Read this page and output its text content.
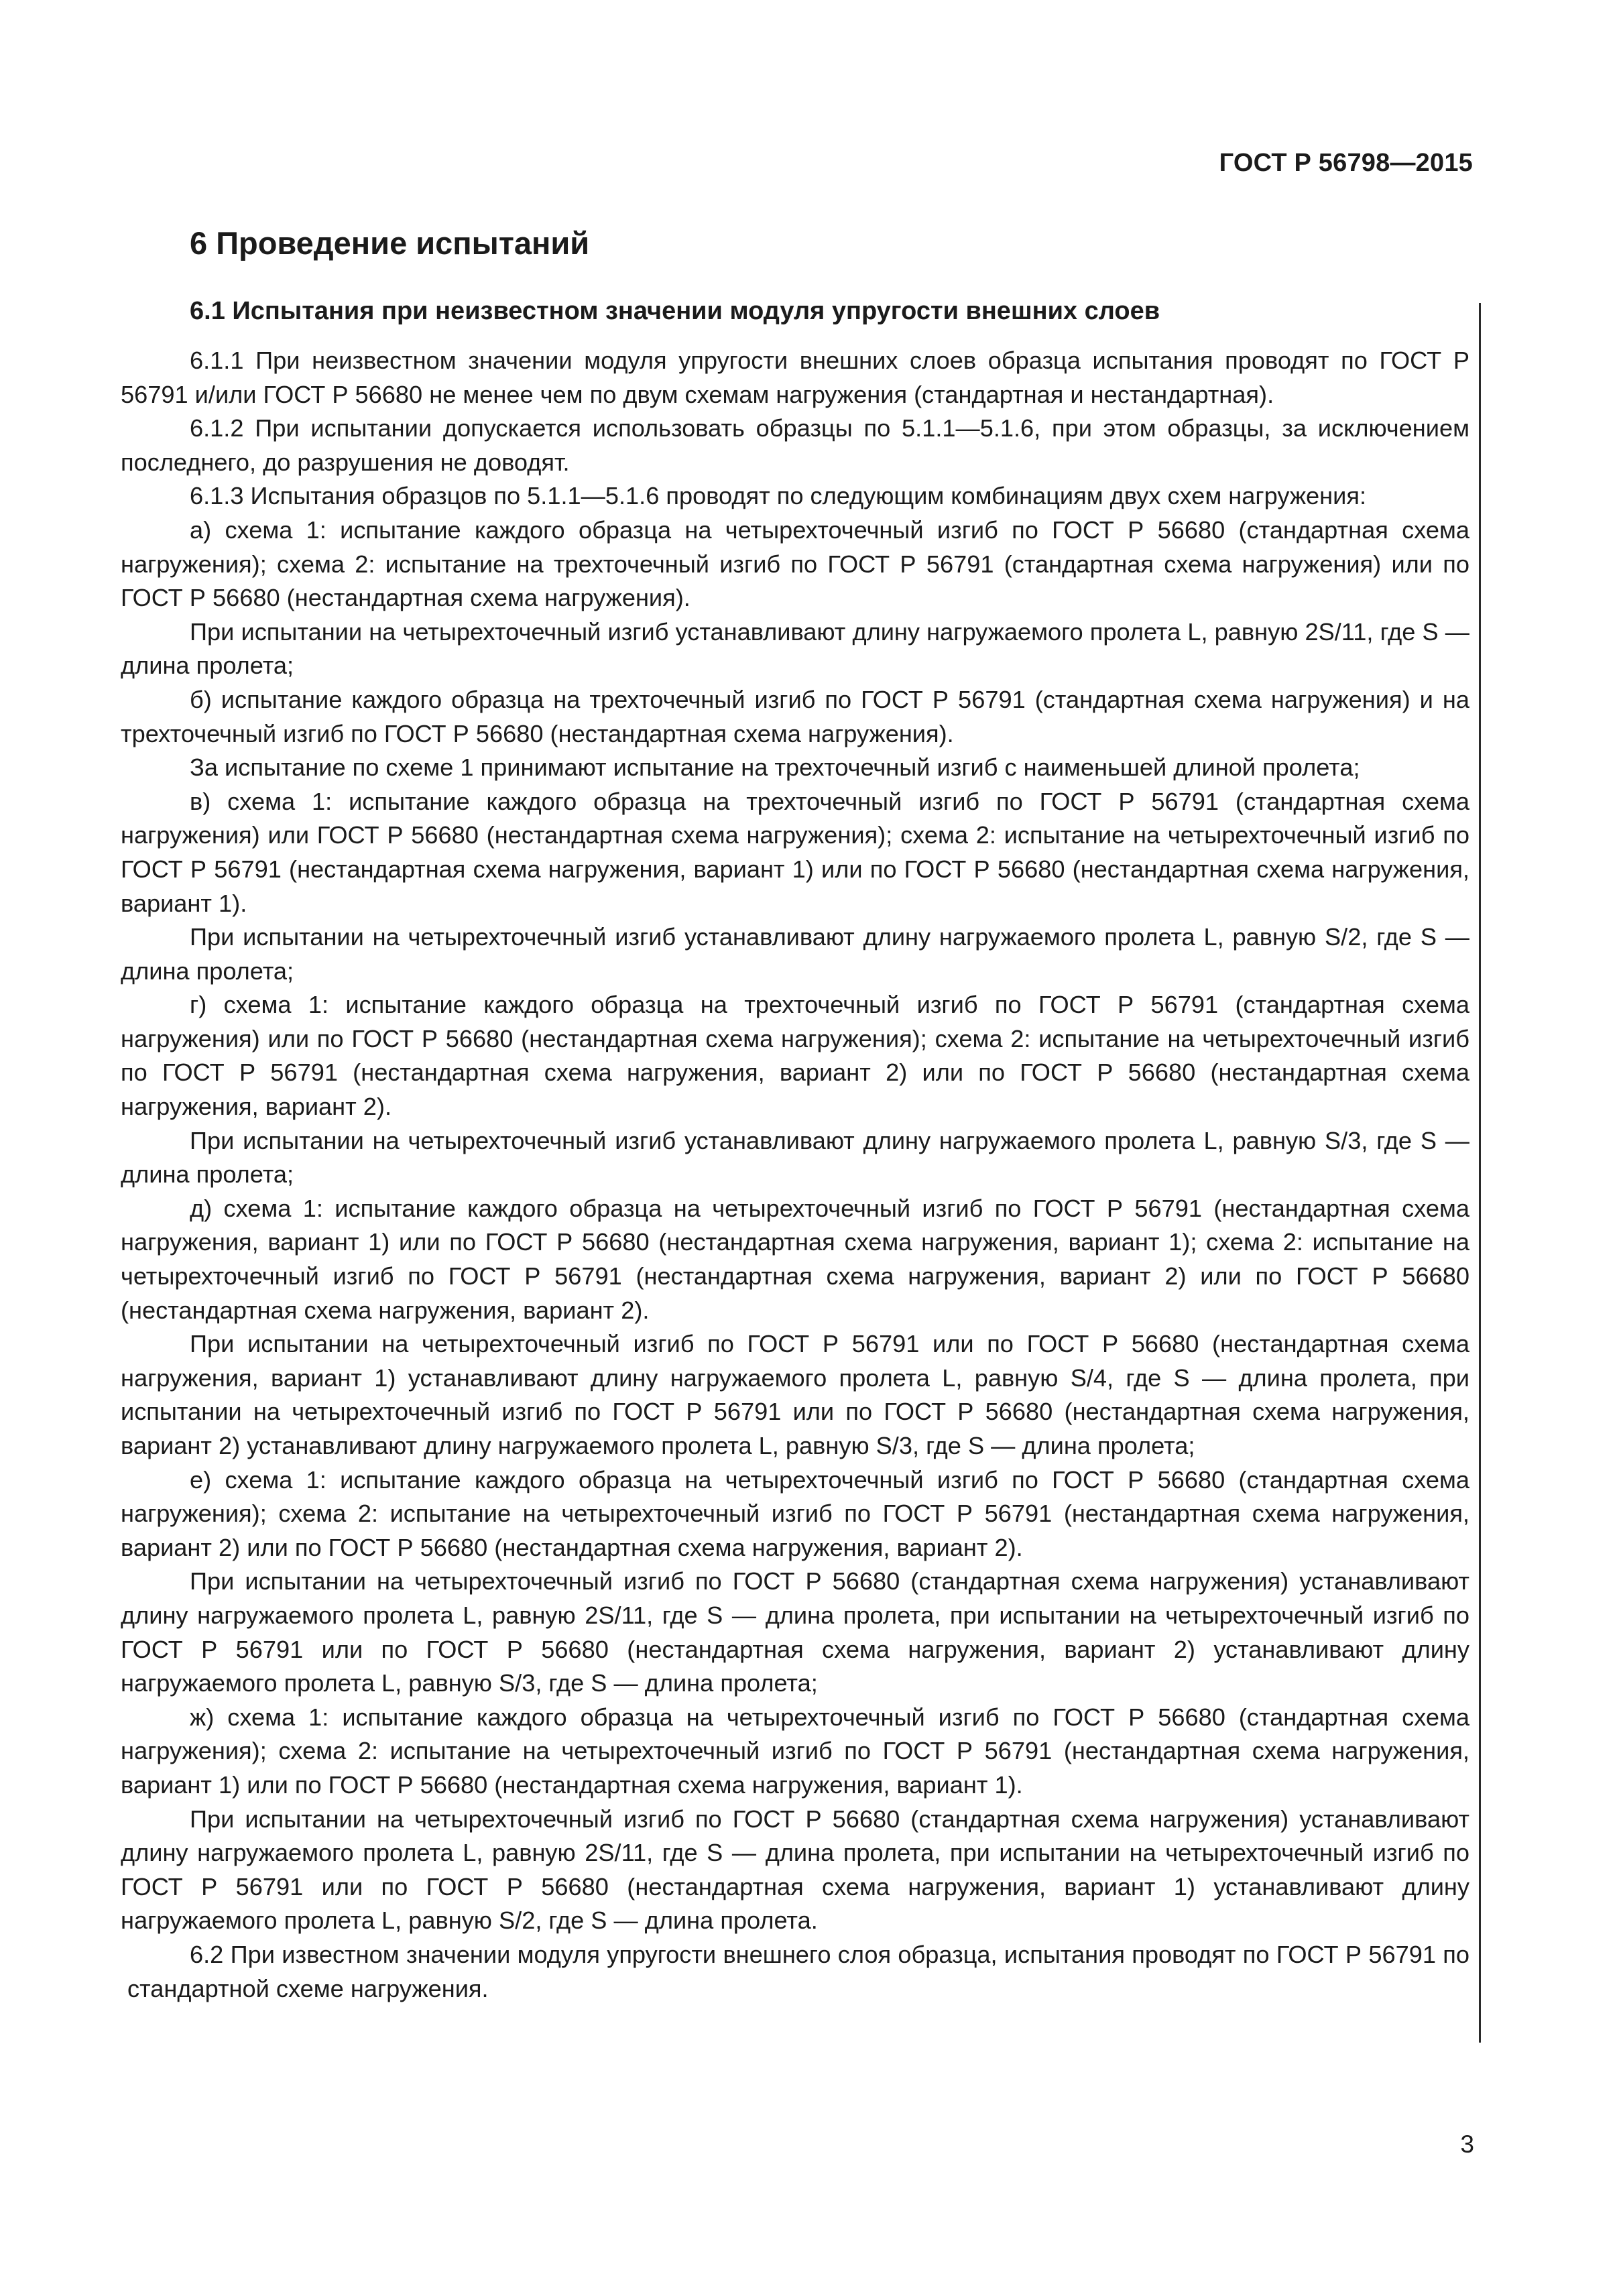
ГОСТ Р 56798—2015
6 Проведение испытаний
6.1 Испытания при неизвестном значении модуля упругости внешних слоев

6.1.1 При неизвестном значении модуля упругости внешних слоев образца испытания проводят по ГОСТ Р 56791 и/или ГОСТ Р 56680 не менее чем по двум схемам нагружения (стандартная и нестандартная).

6.1.2 При испытании допускается использовать образцы по 5.1.1—5.1.6, при этом образцы, за исключением последнего, до разрушения не доводят.

6.1.3 Испытания образцов по 5.1.1—5.1.6 проводят по следующим комбинациям двух схем нагружения:

а) схема 1: испытание каждого образца на четырехточечный изгиб по ГОСТ Р 56680 (стандартная схема нагружения); схема 2: испытание на трехточечный изгиб по ГОСТ Р 56791 (стандартная схема нагружения) или по ГОСТ Р 56680 (нестандартная схема нагружения).

При испытании на четырехточечный изгиб устанавливают длину нагружаемого пролета L, равную 2S/11, где S — длина пролета;

б) испытание каждого образца на трехточечный изгиб по ГОСТ Р 56791 (стандартная схема нагружения) и на трехточечный изгиб по ГОСТ Р 56680 (нестандартная схема нагружения).

За испытание по схеме 1 принимают испытание на трехточечный изгиб с наименьшей длиной пролета;

в) схема 1: испытание каждого образца на трехточечный изгиб по ГОСТ Р 56791 (стандартная схема нагружения) или ГОСТ Р 56680 (нестандартная схема нагружения); схема 2: испытание на четырехточечный изгиб по ГОСТ Р 56791 (нестандартная схема нагружения, вариант 1) или по ГОСТ Р 56680 (нестандартная схема нагружения, вариант 1).

При испытании на четырехточечный изгиб устанавливают длину нагружаемого пролета L, равную S/2, где S — длина пролета;

г) схема 1: испытание каждого образца на трехточечный изгиб по ГОСТ Р 56791 (стандартная схема нагружения) или по ГОСТ Р 56680 (нестандартная схема нагружения); схема 2: испытание на четырехточечный изгиб по ГОСТ Р 56791 (нестандартная схема нагружения, вариант 2) или по ГОСТ Р 56680 (нестандартная схема нагружения, вариант 2).

При испытании на четырехточечный изгиб устанавливают длину нагружаемого пролета L, равную S/3, где S — длина пролета;

д) схема 1: испытание каждого образца на четырехточечный изгиб по ГОСТ Р 56791 (нестандартная схема нагружения, вариант 1) или по ГОСТ Р 56680 (нестандартная схема нагружения, вариант 1); схема 2: испытание на четырехточечный изгиб по ГОСТ Р 56791 (нестандартная схема нагружения, вариант 2) или по ГОСТ Р 56680 (нестандартная схема нагружения, вариант 2).

При испытании на четырехточечный изгиб по ГОСТ Р 56791 или по ГОСТ Р 56680 (нестандартная схема нагружения, вариант 1) устанавливают длину нагружаемого пролета L, равную S/4, где S — длина пролета, при испытании на четырехточечный изгиб по ГОСТ Р 56791 или по ГОСТ Р 56680 (нестандартная схема нагружения, вариант 2) устанавливают длину нагружаемого пролета L, равную S/3, где S — длина пролета;

е) схема 1: испытание каждого образца на четырехточечный изгиб по ГОСТ Р 56680 (стандартная схема нагружения); схема 2: испытание на четырехточечный изгиб по ГОСТ Р 56791 (нестандартная схема нагружения, вариант 2) или по ГОСТ Р 56680 (нестандартная схема нагружения, вариант 2).

При испытании на четырехточечный изгиб по ГОСТ Р 56680 (стандартная схема нагружения) устанавливают длину нагружаемого пролета L, равную 2S/11, где S — длина пролета, при испытании на четырехточечный изгиб по ГОСТ Р 56791 или по ГОСТ Р 56680 (нестандартная схема нагружения, вариант 2) устанавливают длину нагружаемого пролета L, равную S/3, где S — длина пролета;

ж) схема 1: испытание каждого образца на четырехточечный изгиб по ГОСТ Р 56680 (стандартная схема нагружения); схема 2: испытание на четырехточечный изгиб по ГОСТ Р 56791 (нестандартная схема нагружения, вариант 1) или по ГОСТ Р 56680 (нестандартная схема нагружения, вариант 1).

При испытании на четырехточечный изгиб по ГОСТ Р 56680 (стандартная схема нагружения) устанавливают длину нагружаемого пролета L, равную 2S/11, где S — длина пролета, при испытании на четырехточечный изгиб по ГОСТ Р 56791 или по ГОСТ Р 56680 (нестандартная схема нагружения, вариант 1) устанавливают длину нагружаемого пролета L, равную S/2, где S — длина пролета.

6.2 При известном значении модуля упругости внешнего слоя образца, испытания проводят по ГОСТ Р 56791 по стандартной схеме нагружения.

3
